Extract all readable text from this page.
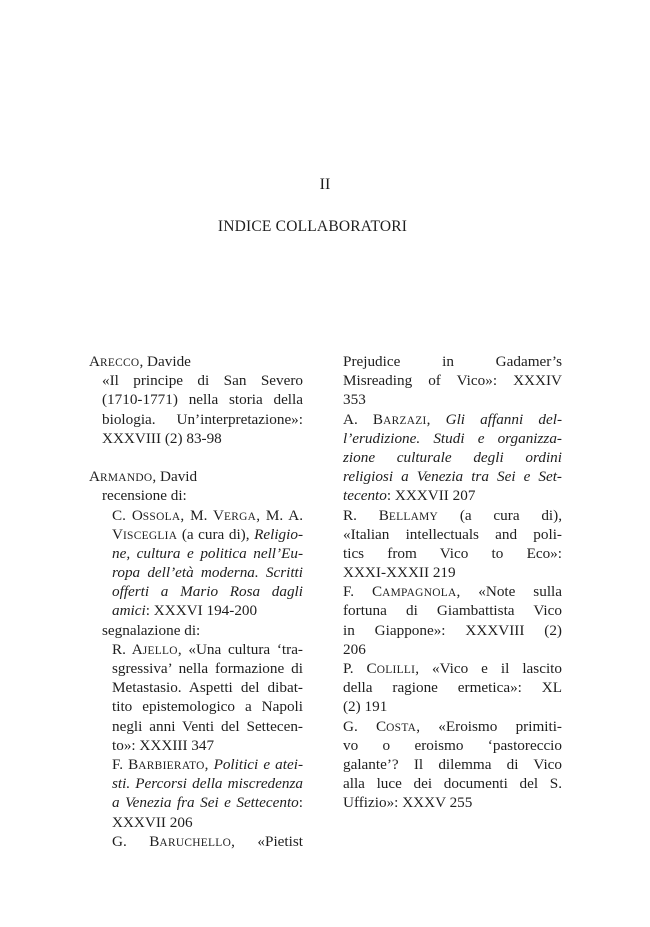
II
INDICE COLLABORATORI
ARECCO, Davide
«Il principe di San Severo
(1710-1771) nella storia della
biologia. Un’interpretazione»:
XXXVIII (2) 83-98
ARMANDO, David
recensione di:
C. OSSOLA, M. VERGA, M. A.
VISCEGLIA (a cura di), Religio-
ne, cultura e politica nell’Eu-
ropa dell’età moderna. Scritti
offerti a Mario Rosa dagli
amici: XXXVI 194-200
segnalazione di:
R. AJELLO, «Una cultura ‘tra-
sgressiva’ nella formazione di
Metastasio. Aspetti del dibat-
tito epistemologico a Napoli
negli anni Venti del Settecen-
to»: XXXIII 347
F. BARBIERATO, Politici e atei-
sti. Percorsi della miscredenza
a Venezia fra Sei e Settecento:
XXXVII 206
G. BARUCHELLO, «Pietist
Prejudice in Gadamer’s
Misreading of Vico»: XXXIV
353
A. BARZAZI, Gli affanni del-
l’erudizione. Studi e organizza-
zione culturale degli ordini
religiosi a Venezia tra Sei e Set-
tecento: XXXVII 207
R. BELLAMY (a cura di),
«Italian intellectuals and poli-
tics from Vico to Eco»:
XXXI-XXXII 219
F. CAMPAGNOLA, «Note sulla
fortuna di Giambattista Vico
in Giappone»: XXXVIII (2)
206
P. COLILLI, «Vico e il lascito
della ragione ermetica»: XL
(2) 191
G. COSTA, «Eroismo primiti-
vo o eroismo ‘pastoreccio
galante’? Il dilemma di Vico
alla luce dei documenti del S.
Uffizio»: XXXV 255
